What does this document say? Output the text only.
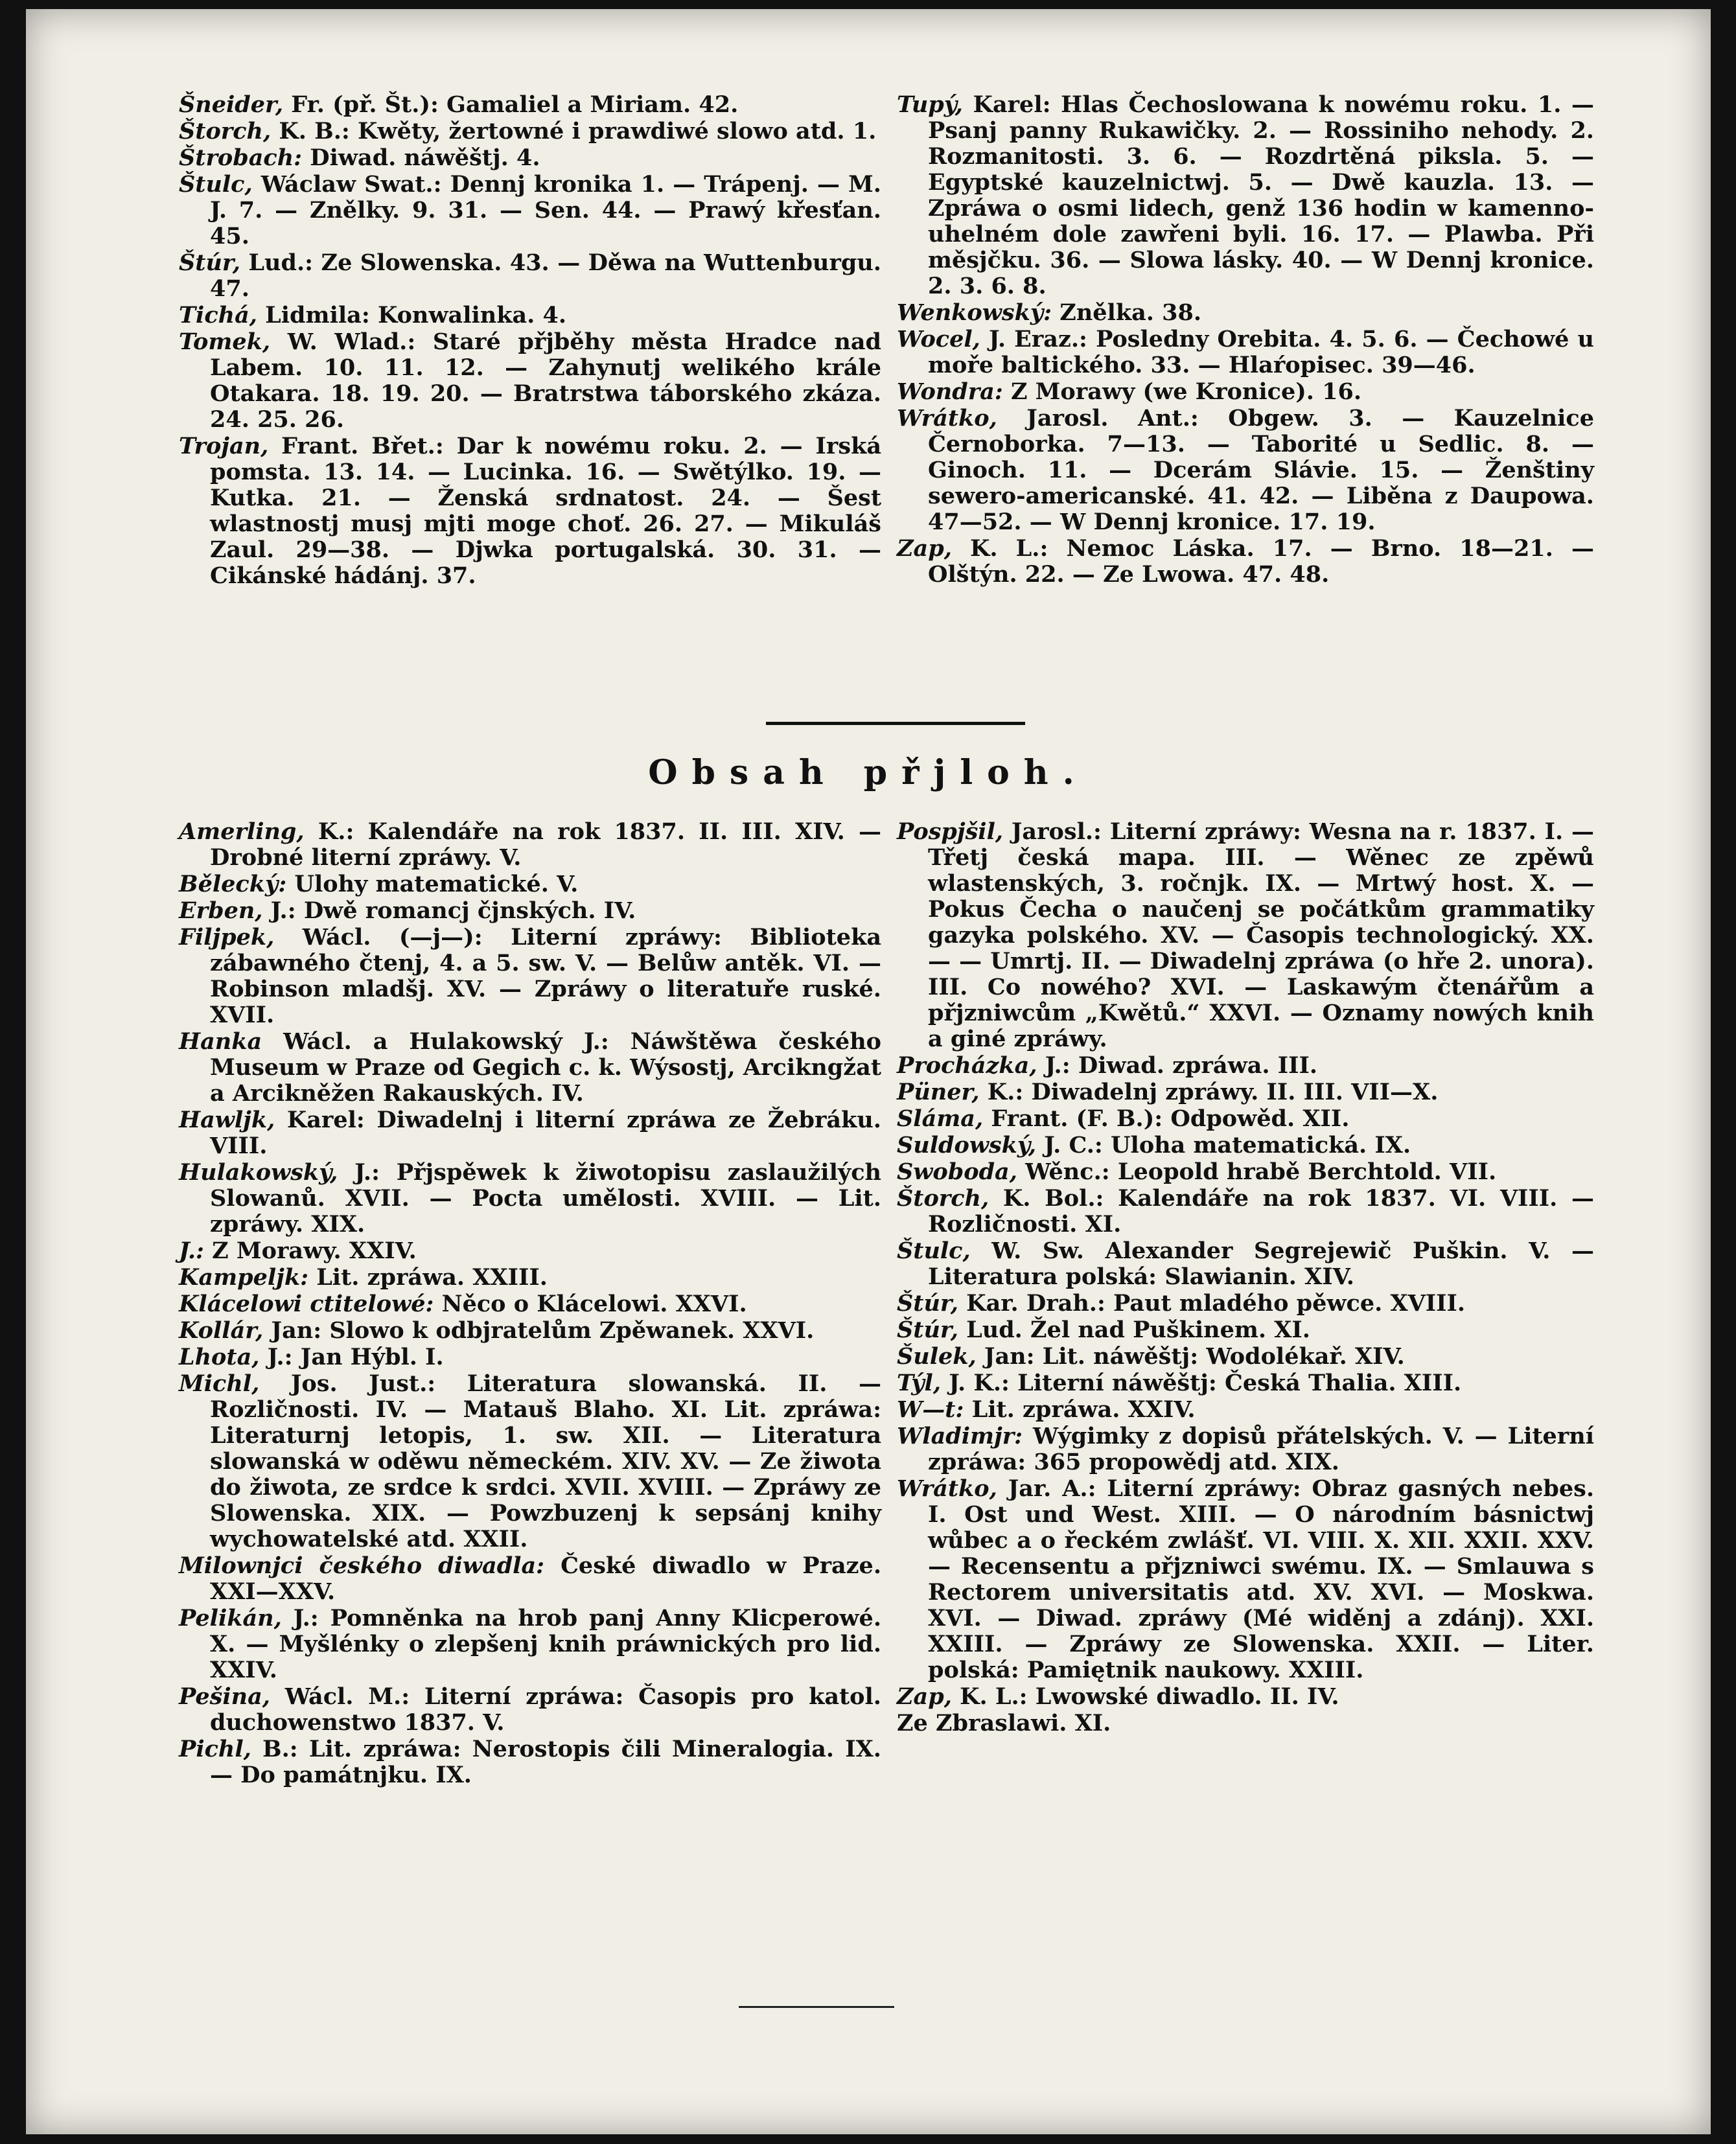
Šneider, Fr. (př. Št.): Gamaliel a Miriam. 42.
Štorch, K. B.: Kwěty, žertowné i prawdiwé slowo atd. 1.
Štrobach: Diwad. náwěštj. 4.
Štulc, Wáclaw Swat.: Dennj kronika 1. — Trápenj. — M. J. 7. — Znělky. 9. 31. — Sen. 44. — Prawý křesťan. 45.
Štúr, Lud.: Ze Slowenska. 43. — Děwa na Wuttenburgu. 47.
Tichá, Lidmila: Konwalinka. 4.
Tomek, W. Wlad.: Staré přjběhy města Hradce nad Labem. 10. 11. 12. — Zahynutj welikého krále Otakara. 18. 19. 20. — Bratrstwa táborského zkáza. 24. 25. 26.
Trojan, Frant. Břet.: Dar k nowému roku. 2. — Irská pomsta. 13. 14. — Lucinka. 16. — Swětýlko. 19. — Kutka. 21. — Ženská srdnatost. 24. — Šest wlastnostj musj mjti moge choť. 26. 27. — Mikuláš Zaul. 29—38. — Djwka portugalská. 30. 31. — Cikánské hádánj. 37.
Tupý, Karel: Hlas Čechoslowana k nowému roku. 1. — Psanj panny Rukawičky. 2. — Rossiniho nehody. 2. Rozmanitosti. 3. 6. — Rozdrtěná piksla. 5. — Egyptské kauzelnictwj. 5. — Dwě kauzla. 13. — Zpráwa o osmi lidech, genž 136 hodin w kamenno-uhelném dole zawřeni byli. 16. 17. — Plawba. Při měsjčku. 36. — Slowa lásky. 40. — W Dennj kronice. 2. 3. 6. 8.
Wenkowský: Znělka. 38.
Wocel, J. Eraz.: Posledny Orebita. 4. 5. 6. — Čechowé u moře baltického. 33. — Hlaŕopisec. 39—46.
Wondra: Z Morawy (we Kronice). 16.
Wrátko, Jarosl. Ant.: Obgew. 3. — Kauzelnice Černoborka. 7—13. — Taborité u Sedlic. 8. — Ginoch. 11. — Dcerám Slávie. 15. — Ženštiny sewero-americanské. 41. 42. — Liběna z Daupowa. 47—52. — W Dennj kronice. 17. 19.
Zap, K. L.: Nemoc Láska. 17. — Brno. 18—21. — Olštýn. 22. — Ze Lwowa. 47. 48.
Obsah přjloh.
Amerling, K.: Kalendáře na rok 1837. II. III. XIV. — Drobné literní zpráwy. V.
Bělecký: Ulohy matematické. V.
Erben, J.: Dwě romancj čjnských. IV.
Filjpek, Wácl. (—j—): Literní zpráwy: Biblioteka zábawného čtenj, 4. a 5. sw. V. — Belůw antěk. VI. — Robinson mladšj. XV. — Zpráwy o literatuře ruské. XVII.
Hanka Wácl. a Hulakowský J.: Náwštěwa českého Museum w Praze od Gegich c. k. Wýsostj, Arcikngžat a Arcikněžen Rakauských. IV.
Hawljk, Karel: Diwadelnj i literní zpráwa ze Žebráku. VIII.
Hulakowský, J.: Přjspěwek k žiwotopisu zaslaužilých Slowanů. XVII. — Pocta umělosti. XVIII. — Lit. zpráwy. XIX.
J.: Z Morawy. XXIV.
Kampeljk: Lit. zpráwa. XXIII.
Klácelowi ctitelowé: Něco o Klácelowi. XXVI.
Kollár, Jan: Slowo k odbjratelům Zpěwanek. XXVI.
Lhota, J.: Jan Hýbl. I.
Michl, Jos. Just.: Literatura slowanská. II. — Rozličnosti. IV. — Matauš Blaho. XI. Lit. zpráwa: Literaturnj letopis, 1. sw. XII. — Literatura slowanská w oděwu německém. XIV. XV. — Ze žiwota do žiwota, ze srdce k srdci. XVII. XVIII. — Zpráwy ze Slowenska. XIX. — Powzbuzenj k sepsánj knihy wychowatelské atd. XXII.
Milownjci českého diwadla: České diwadlo w Praze. XXI—XXV.
Pelikán, J.: Pomněnka na hrob panj Anny Klicperowé. X. — Myšlénky o zlepšenj knih práwnických pro lid. XXIV.
Pešina, Wácl. M.: Literní zpráwa: Časopis pro katol. duchowenstwo 1837. V.
Pichl, B.: Lit. zpráwa: Nerostopis čili Mineralogia. IX. — Do památnjku. IX.
Pospjšil, Jarosl.: Literní zpráwy: Wesna na r. 1837. I. — Třetj česká mapa. III. — Wěnec ze zpěwů wlastenských, 3. ročnjk. IX. — Mrtwý host. X. — Pokus Čecha o naučenj se počátkům grammatiky gazyka polského. XV. — Časopis technologický. XX. — — Umrtj. II. — Diwadelnj zpráwa (o hře 2. unora). III. Co nowého? XVI. — Laskawým čtenářům a přjzniwcům „Kwětů.“ XXVI. — Oznamy nowých knih a giné zpráwy.
Procházka, J.: Diwad. zpráwa. III.
Püner, K.: Diwadelnj zpráwy. II. III. VII—X.
Sláma, Frant. (F. B.): Odpowěd. XII.
Suldowský, J. C.: Uloha matematická. IX.
Swoboda, Wěnc.: Leopold hrabě Berchtold. VII.
Štorch, K. Bol.: Kalendáře na rok 1837. VI. VIII. — Rozličnosti. XI.
Štulc, W. Sw. Alexander Segrejewič Puškin. V. — Literatura polská: Slawianin. XIV.
Štúr, Kar. Drah.: Paut mladého pěwce. XVIII.
Štúr, Lud. Žel nad Puškinem. XI.
Šulek, Jan: Lit. náwěštj: Wodolékař. XIV.
Týl, J. K.: Literní náwěštj: Česká Thalia. XIII.
W—t: Lit. zpráwa. XXIV.
Wladimjr: Wýgimky z dopisů přátelských. V. — Literní zpráwa: 365 propowědj atd. XIX.
Wrátko, Jar. A.: Literní zpráwy: Obraz gasných nebes. I. Ost und West. XIII. — O národním básnictwj wůbec a o řeckém zwlášť. VI. VIII. X. XII. XXII. XXV. — Recensentu a přjzniwci swému. IX. — Smlauwa s Rectorem universitatis atd. XV. XVI. — Moskwa. XVI. — Diwad. zpráwy (Mé widěnj a zdánj). XXI. XXIII. — Zpráwy ze Slowenska. XXII. — Liter. polská: Pamiętnik naukowy. XXIII.
Zap, K. L.: Lwowské diwadlo. II. IV.
Ze Zbraslawi. XI.
